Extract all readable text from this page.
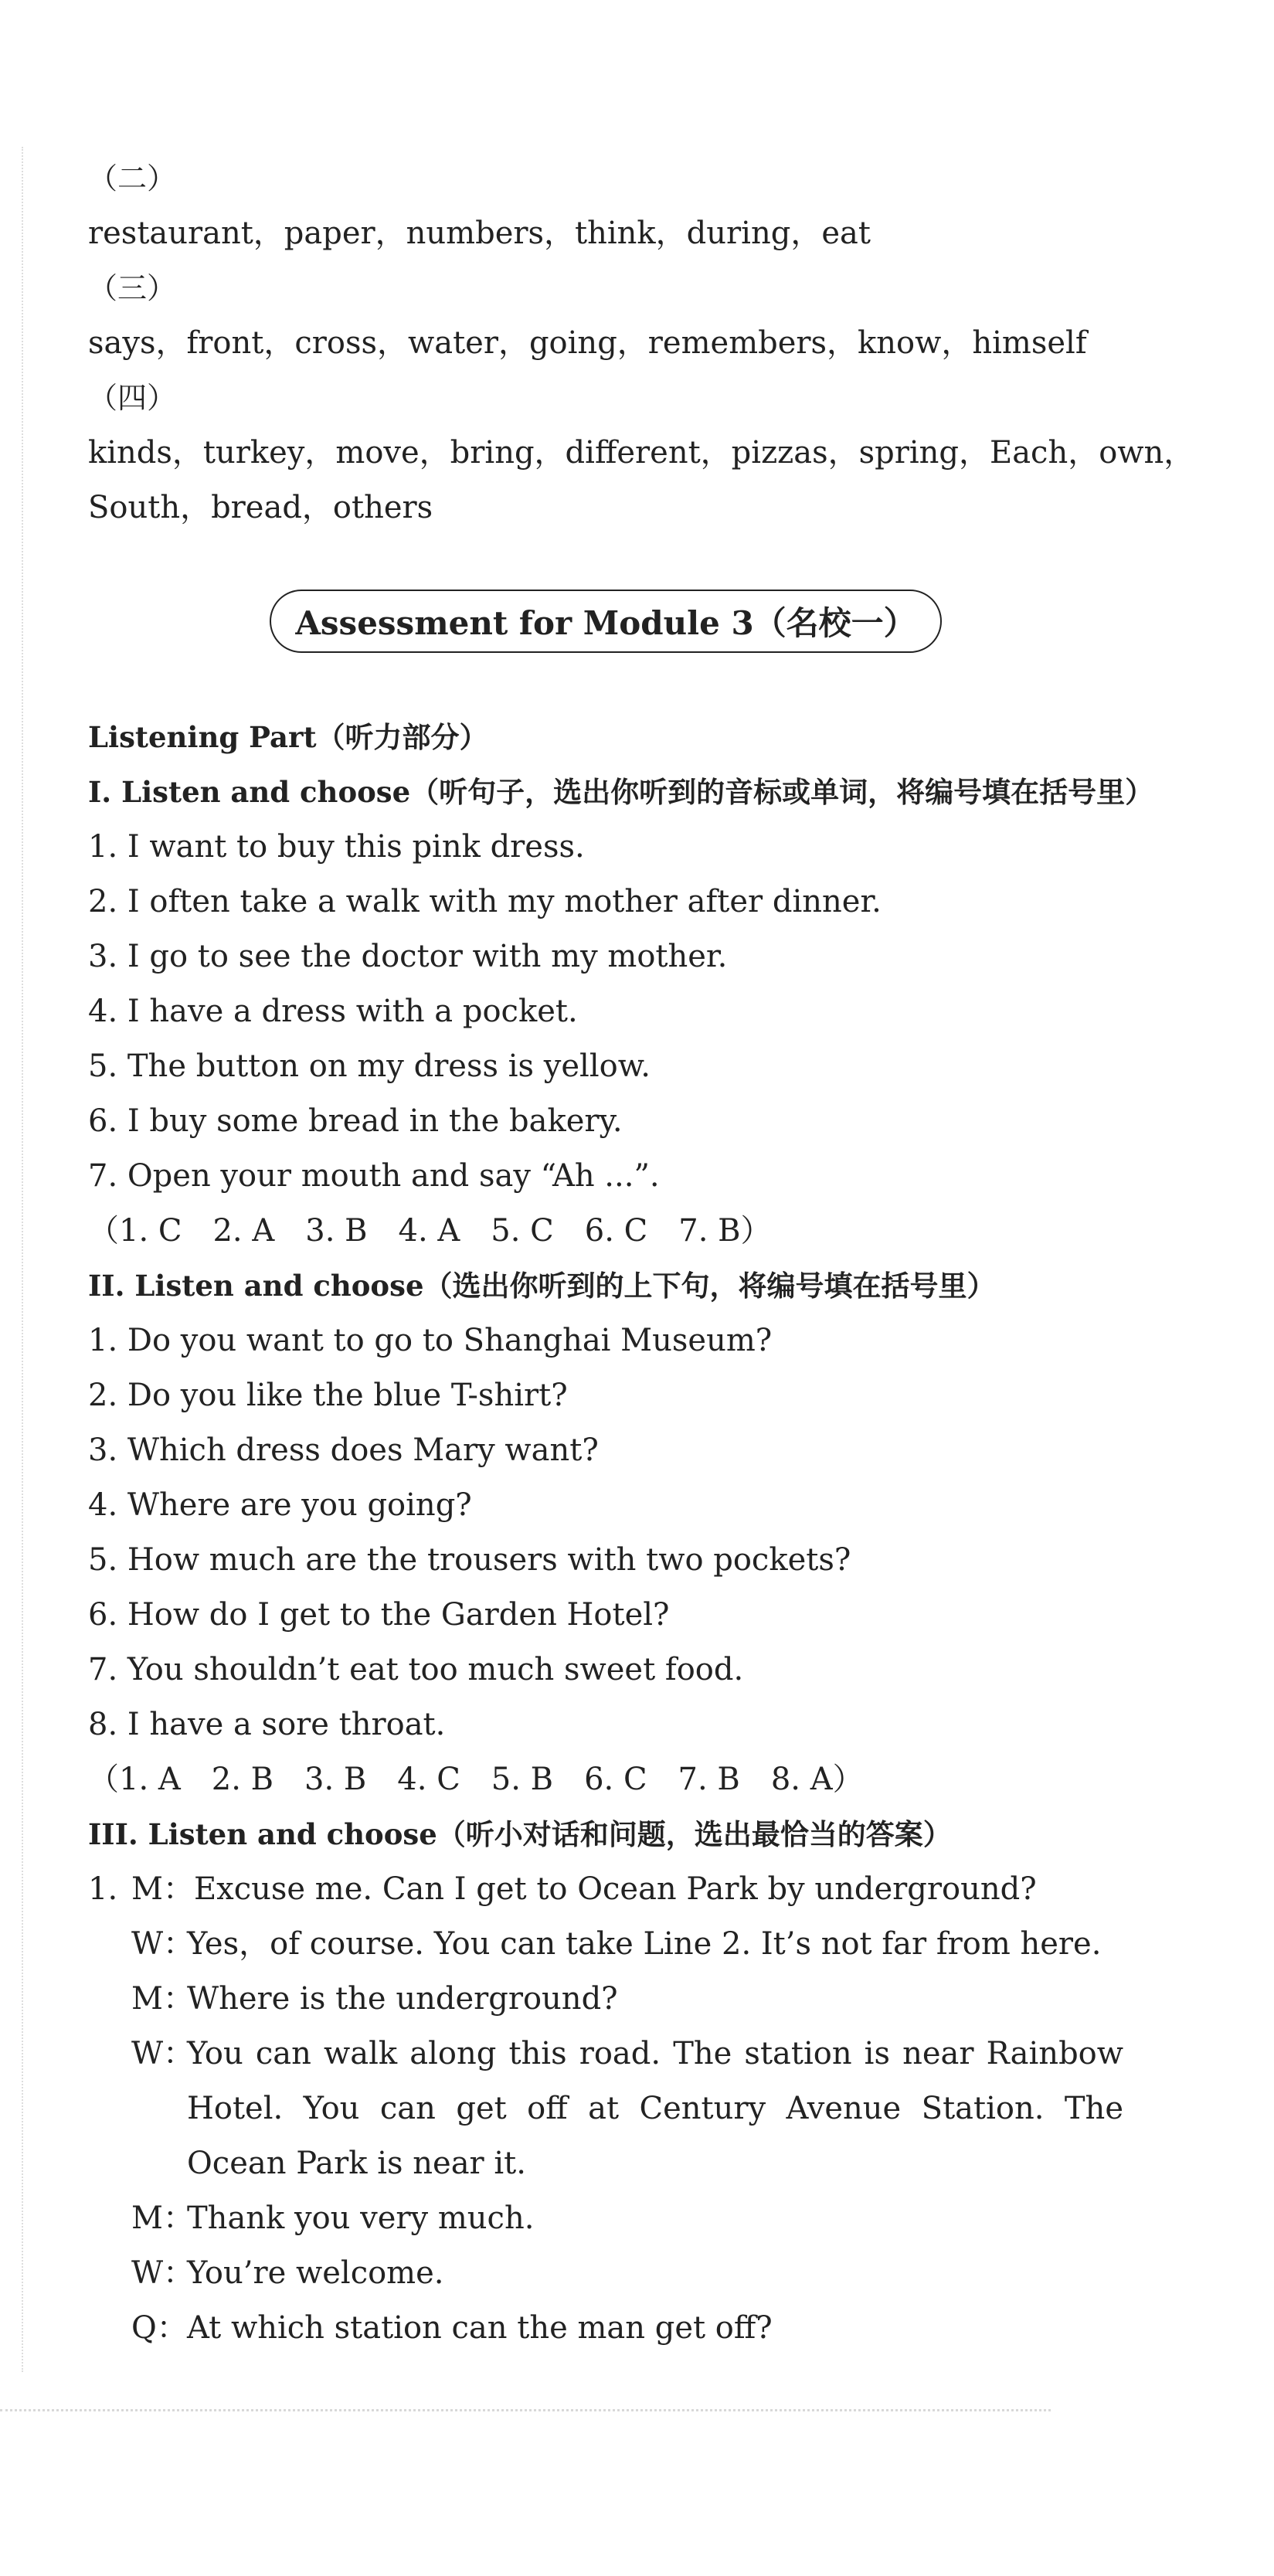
（二）
restaurant，paper，numbers，think，during，eat
（三）
says，front，cross，water，going，remembers，know，himself
（四）
kinds，turkey，move，bring，different，pizzas，spring，Each，own，
South，bread，others
Assessment for Module 3（名校一）
Listening Part（听力部分）
I. Listen and choose（听句子，选出你听到的音标或单词，将编号填在括号里）
1. I want to buy this pink dress.
2. I often take a walk with my mother after dinner.
3. I go to see the doctor with my mother.
4. I have a dress with a pocket.
5. The button on my dress is yellow.
6. I buy some bread in the bakery.
7. Open your mouth and say “Ah ...”.
（1. C　2. A　3. B　4. A　5. C　6. C　7. B）
II. Listen and choose（选出你听到的上下句，将编号填在括号里）
1. Do you want to go to Shanghai Museum?
2. Do you like the blue T-shirt?
3. Which dress does Mary want?
4. Where are you going?
5. How much are the trousers with two pockets?
6. How do I get to the Garden Hotel?
7. You shouldn’t eat too much sweet food.
8. I have a sore throat.
（1. A　2. B　3. B　4. C　5. B　6. C　7. B　8. A）
III. Listen and choose（听小对话和问题，选出最恰当的答案）
1. M： Excuse me. Can I get to Ocean Park by underground?
W：
Yes，of course. You can take Line 2. It’s not far from here.
M：
Where is the underground?
W：
You can walk along this road. The station is near Rainbow Hotel. You can get off at Century Avenue Station. The Ocean Park is near it.
M：
Thank you very much.
W：
You’re welcome.
Q： At which station can the man get off?
